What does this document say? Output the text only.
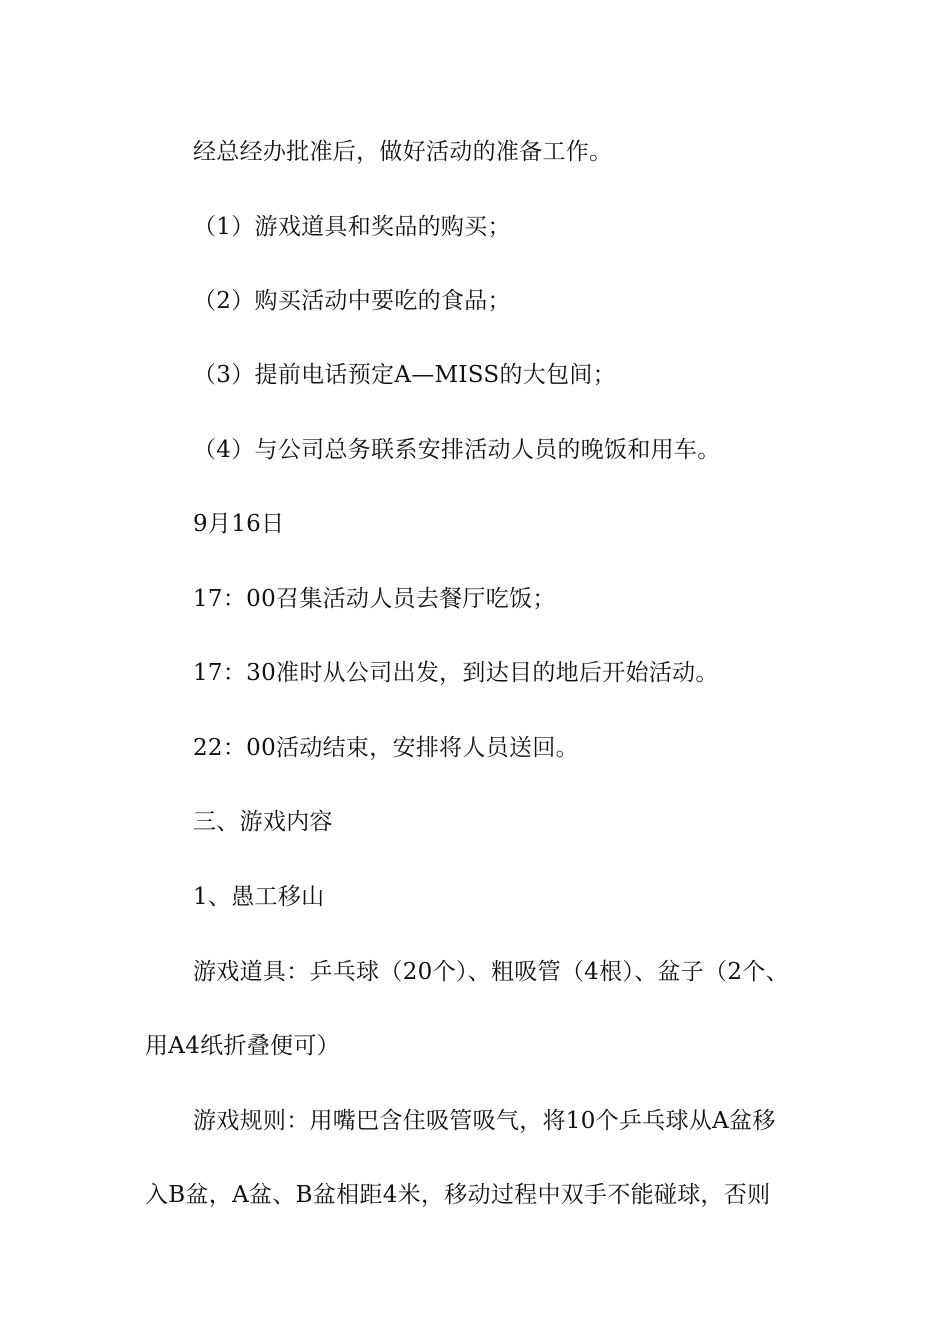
经总经办批准后，做好活动的准备工作。
（1）游戏道具和奖品的购买；
（2）购买活动中要吃的食品；
（3）提前电话预定A—MISS的大包间；
（4）与公司总务联系安排活动人员的晚饭和用车。
9月16日
17：00召集活动人员去餐厅吃饭；
17：30准时从公司出发，到达目的地后开始活动。
22：00活动结束，安排将人员送回。
三、游戏内容
1、愚工移山
游戏道具：乒乓球（20个）、粗吸管（4根）、盆子（2个、
用A4纸折叠便可）
游戏规则：用嘴巴含住吸管吸气，将10个乒乓球从A盆移
入B盆，A盆、B盆相距4米，移动过程中双手不能碰球，否则
